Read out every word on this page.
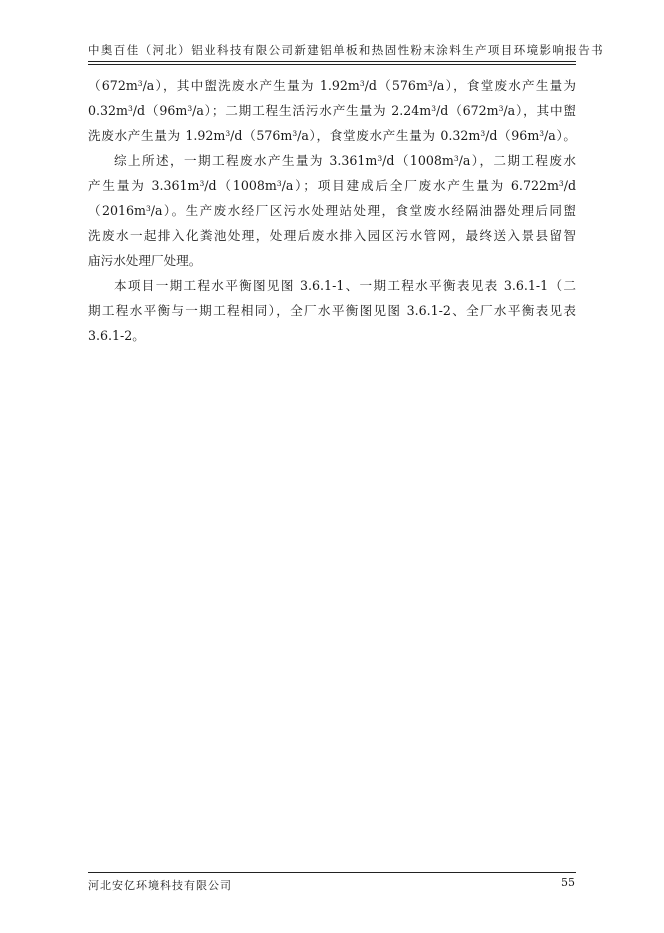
中奥百佳（河北）铝业科技有限公司新建铝单板和热固性粉末涂料生产项目环境影响报告书

$(672m^3/a)$，其中盥洗废水产生量为 $1.92m^3/d(576m^3/a)$，食堂废水产生量为
$0.32m^3/d(96m^3/a)$；二期工程生活污水产生量为 $2.24m^3/d(672m^3/a)$，其中盥
洗废水产生量为 $1.92m^3/d(576m^3/a)$，食堂废水产生量为 $0.32m^3/d(96m^3/a)$。

综上所述，一期工程废水产生量为 $3.361m^3/d(1008m^3/a)$，二期工程废水
产生量为 $3.361m^3/d(1008m^3/a)$；项目建成后全厂废水产生量为 $6.722m^3/d$
$(2016m^3/a)$。生产废水经厂区污水处理站处理，食堂废水经隔油器处理后同盥
洗废水一起排入化粪池处理，处理后废水排入园区污水管网，最终送入景县留智
庙污水处理厂处理。

本项目一期工程水平衡图见图 3.6.1-1、一期工程水平衡表见表 3.6.1-1（二
期工程水平衡与一期工程相同），全厂水平衡图见图 3.6.1-2、全厂水平衡表见表
3.6.1-2。

河北安亿环境科技有限公司	55
